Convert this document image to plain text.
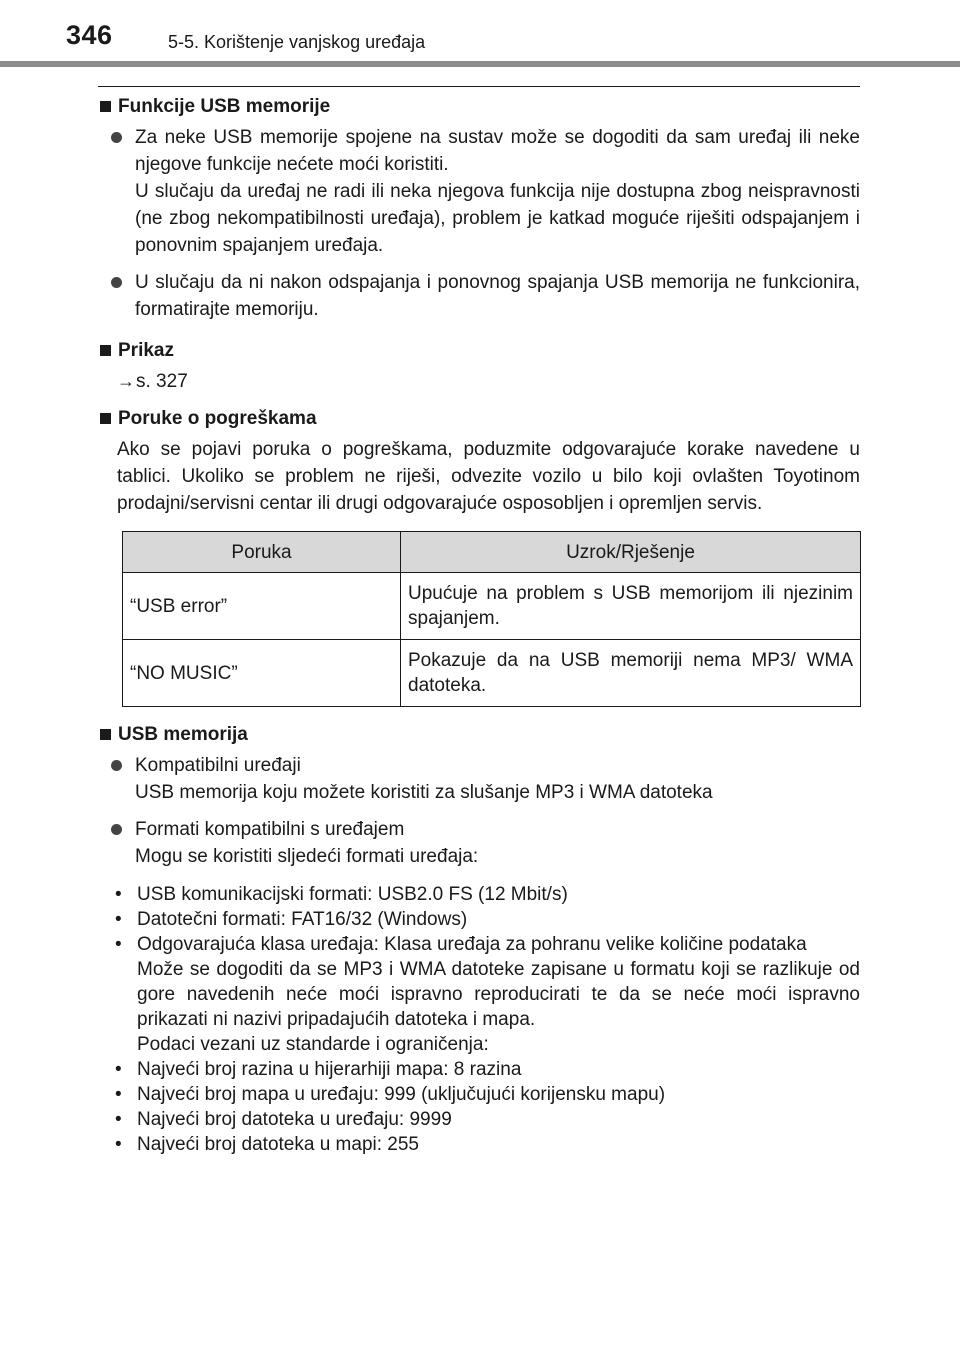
346	5-5. Korištenje vanjskog uređaja
Funkcije USB memorije

Za neke USB memorije spojene na sustav može se dogoditi da sam uređaj ili neke njegove funkcije nećete moći koristiti.

U slučaju da uređaj ne radi ili neka njegova funkcija nije dostupna zbog neispravnosti (ne zbog nekompatibilnosti uređaja), problem je katkad moguće riješiti odspajanjem i ponovnim spajanjem uređaja.

U slučaju da ni nakon odspajanja i ponovnog spajanja USB memorija ne funkcionira, formatirajte memoriju.

Prikaz
→s. 327
Poruke o pogreškama

Ako se pojavi poruka o pogreškama, poduzmite odgovarajuće korake navedene u tablici. Ukoliko se problem ne riješi, odvezite vozilo u bilo koji ovlašten Toyotinom prodajni/servisni centar ili drugi odgovarajuće osposobljen i opremljen servis.

Poruka	Uzrok/Rješenje
“USB error”	Upućuje na problem s USB memorijom ili njezinim spajanjem.
“NO MUSIC”	Pokazuje da na USB memoriji nema MP3/ WMA datoteka.
USB memorija

Kompatibilni uređaji

USB memorija koju možete koristiti za slušanje MP3 i WMA datoteka

Formati kompatibilni s uređajem

Mogu se koristiti sljedeći formati uređaja:

• USB komunikacijski formati: USB2.0 FS (12 Mbit/s)
• Datotečni formati: FAT16/32 (Windows)
• Odgovarajuća klasa uređaja: Klasa uređaja za pohranu velike količine podataka

Može se dogoditi da se MP3 i WMA datoteke zapisane u formatu koji se razlikuje od gore navedenih neće moći ispravno reproducirati te da se neće moći ispravno prikazati ni nazivi pripadajućih datoteka i mapa.

Podaci vezani uz standarde i ograničenja:

• Najveći broj razina u hijerarhiji mapa: 8 razina
• Najveći broj mapa u uređaju: 999 (uključujući korijensku mapu)
• Najveći broj datoteka u uređaju: 9999
• Najveći broj datoteka u mapi: 255
